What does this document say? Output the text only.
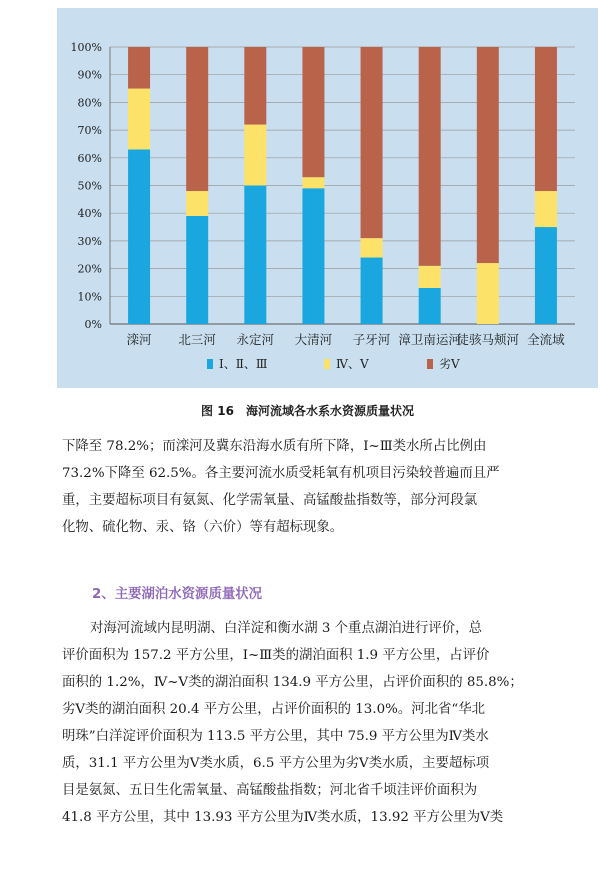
0%
10%
20%
30%
40%
50%
60%
70%
80%
90%
100%
滦河 北三河 永定河 大清河 子牙河 漳卫南运河
徒骇马颊河 全流域
Ⅰ、Ⅱ、Ⅲ	Ⅳ、Ⅴ	劣Ⅴ
图 16 海河流域各水系水资源质量状况
下降至 78.2%；而滦河及冀东沿海水质有所下降，Ⅰ~Ⅲ类水所占比例由
73.2%下降至 62.5%。各主要河流水质受耗氧有机项目污染较普遍而且严
重，主要超标项目有氨氮、化学需氧量、高锰酸盐指数等，部分河段氯
化物、硫化物、汞、铬（六价）等有超标现象。
2、主要湖泊水资源质量状况
对海河流域内昆明湖、白洋淀和衡水湖 3 个重点湖泊进行评价，总
评价面积为 157.2 平方公里，Ⅰ~Ⅲ类的湖泊面积 1.9 平方公里，占评价
面积的 1.2%，Ⅳ~Ⅴ类的湖泊面积 134.9 平方公里，占评价面积的 85.8%；
劣Ⅴ类的湖泊面积 20.4 平方公里，占评价面积的 13.0%。河北省“华北
明珠”白洋淀评价面积为 113.5 平方公里，其中 75.9 平方公里为Ⅳ类水
质，31.1 平方公里为Ⅴ类水质，6.5 平方公里为劣Ⅴ类水质，主要超标项
目是氨氮、五日生化需氧量、高锰酸盐指数；河北省千顷洼评价面积为
41.8 平方公里，其中 13.93 平方公里为Ⅳ类水质，13.92 平方公里为Ⅴ类
